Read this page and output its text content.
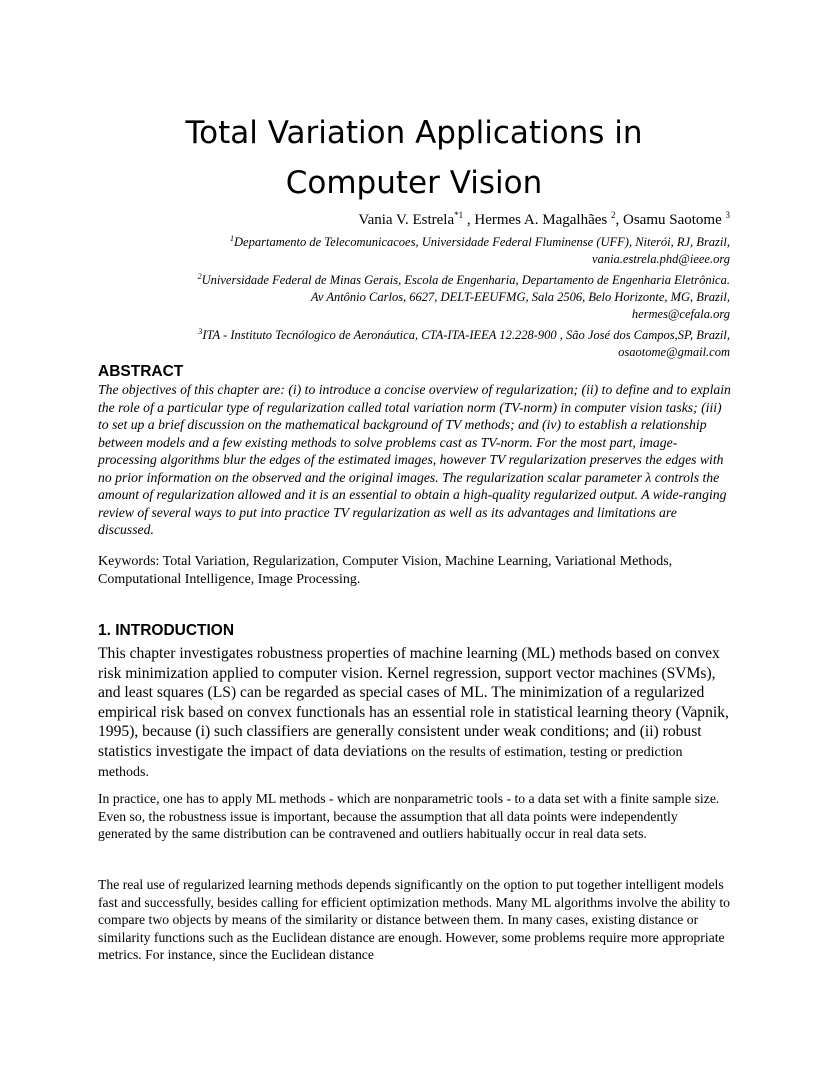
Total Variation Applications in
Computer Vision
Vania V. Estrela$^{*1}$ , Hermes A. Magalhães $^2$, Osamu Saotome $^3$
$^1$Departamento de Telecomunicacoes, Universidade Federal Fluminense (UFF), Niterói, RJ, Brazil,
vania.estrela.phd@ieee.org
$^2$Universidade Federal de Minas Gerais, Escola de Engenharia, Departamento de Engenharia Eletrônica.
Av Antônio Carlos, 6627, DELT-EEUFMG, Sala 2506, Belo Horizonte, MG, Brazil,
hermes@cefala.org
$^3$ITA - Instituto Tecnólogico de Aeronáutica, CTA-ITA-IEEA 12.228-900 , São José dos Campos,SP, Brazil,
osaotome@gmail.com
ABSTRACT

The objectives of this chapter are: (i) to introduce a concise overview of regularization; (ii) to define and to explain the role of a particular type of regularization called total variation norm (TV-norm) in computer vision tasks; (iii) to set up a brief discussion on the mathematical background of TV methods; and (iv) to establish a relationship between models and a few existing methods to solve problems cast as TV-norm. For the most part, image-processing algorithms blur the edges of the estimated images, however TV regularization preserves the edges with no prior information on the observed and the original images. The regularization scalar parameter λ controls the amount of regularization allowed and it is an essential to obtain a high-quality regularized output. A wide-ranging review of several ways to put into practice TV regularization as well as its advantages and limitations are discussed.

Keywords: Total Variation, Regularization, Computer Vision, Machine Learning, Variational Methods, Computational Intelligence, Image Processing.

1. INTRODUCTION

This chapter investigates robustness properties of machine learning (ML) methods based on convex risk minimization applied to computer vision. Kernel regression, support vector machines (SVMs), and least squares (LS) can be regarded as special cases of ML. The minimization of a regularized empirical risk based on convex functionals has an essential role in statistical learning theory (Vapnik, 1995), because (i) such classifiers are generally consistent under weak conditions; and (ii) robust statistics investigate the impact of data deviations on the results of estimation, testing or prediction methods.

In practice, one has to apply ML methods - which are nonparametric tools - to a data set with a finite sample size. Even so, the robustness issue is important, because the assumption that all data points were independently generated by the same distribution can be contravened and outliers habitually occur in real data sets.

The real use of regularized learning methods depends significantly on the option to put together intelligent models fast and successfully, besides calling for efficient optimization methods. Many ML algorithms involve the ability to compare two objects by means of the similarity or distance between them. In many cases, existing distance or similarity functions such as the Euclidean distance are enough. However, some problems require more appropriate metrics. For instance, since the Euclidean distance
